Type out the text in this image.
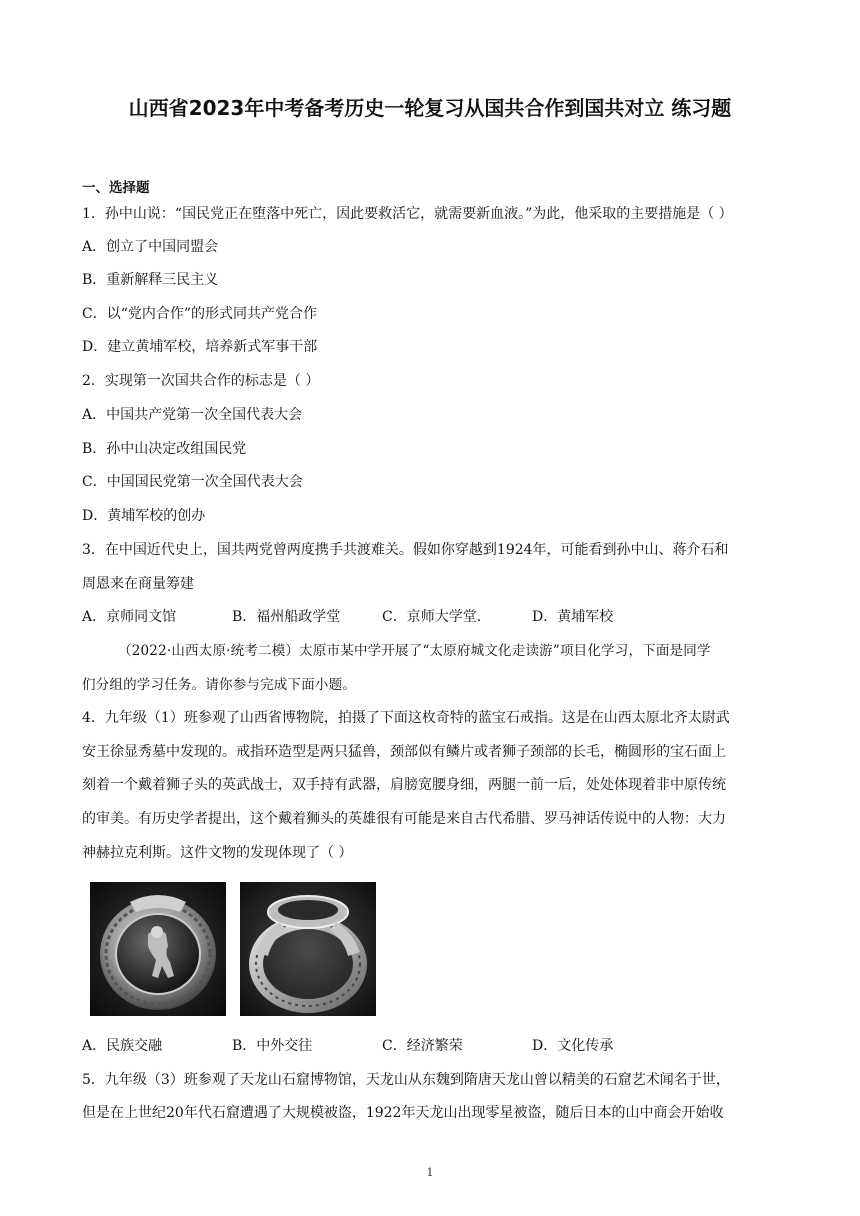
山西省2023年中考备考历史一轮复习从国共合作到国共对立 练习题
一、选择题
1．孙中山说：“国民党正在堕落中死亡，因此要救活它，就需要新血液。”为此，他采取的主要措施是（ ）
A．创立了中国同盟会
B．重新解释三民主义
C．以“党内合作”的形式同共产党合作
D．建立黄埔军校，培养新式军事干部
2．实现第一次国共合作的标志是（ ）
A．中国共产党第一次全国代表大会
B．孙中山决定改组国民党
C．中国国民党第一次全国代表大会
D．黄埔军校的创办
3．在中国近代史上，国共两党曾两度携手共渡难关。假如你穿越到1924年，可能看到孙中山、蒋介石和
周恩来在商量筹建
A．京师同文馆	B．福州船政学堂	C．京师大学堂.	D．黄埔军校
（2022·山西太原·统考二模）太原市某中学开展了“太原府城文化走读游”项目化学习，下面是同学
们分组的学习任务。请你参与完成下面小题。
4．九年级（1）班参观了山西省博物院，拍摄了下面这枚奇特的蓝宝石戒指。这是在山西太原北齐太尉武
安王徐显秀墓中发现的。戒指环造型是两只猛兽，颈部似有鳞片或者狮子颈部的长毛，椭圆形的宝石面上
刻着一个戴着狮子头的英武战士，双手持有武器，肩膀宽腰身细，两腿一前一后，处处体现着非中原传统
的审美。有历史学者提出，这个戴着狮头的英雄很有可能是来自古代希腊、罗马神话传说中的人物：大力
神赫拉克利斯。这件文物的发现体现了（ ）
A．民族交融	B．中外交往	C．经济繁荣	D．文化传承
5．九年级（3）班参观了天龙山石窟博物馆，天龙山从东魏到隋唐天龙山曾以精美的石窟艺术闻名于世，
但是在上世纪20年代石窟遭遇了大规模被盗，1922年天龙山出现零星被盗，随后日本的山中商会开始收
1
